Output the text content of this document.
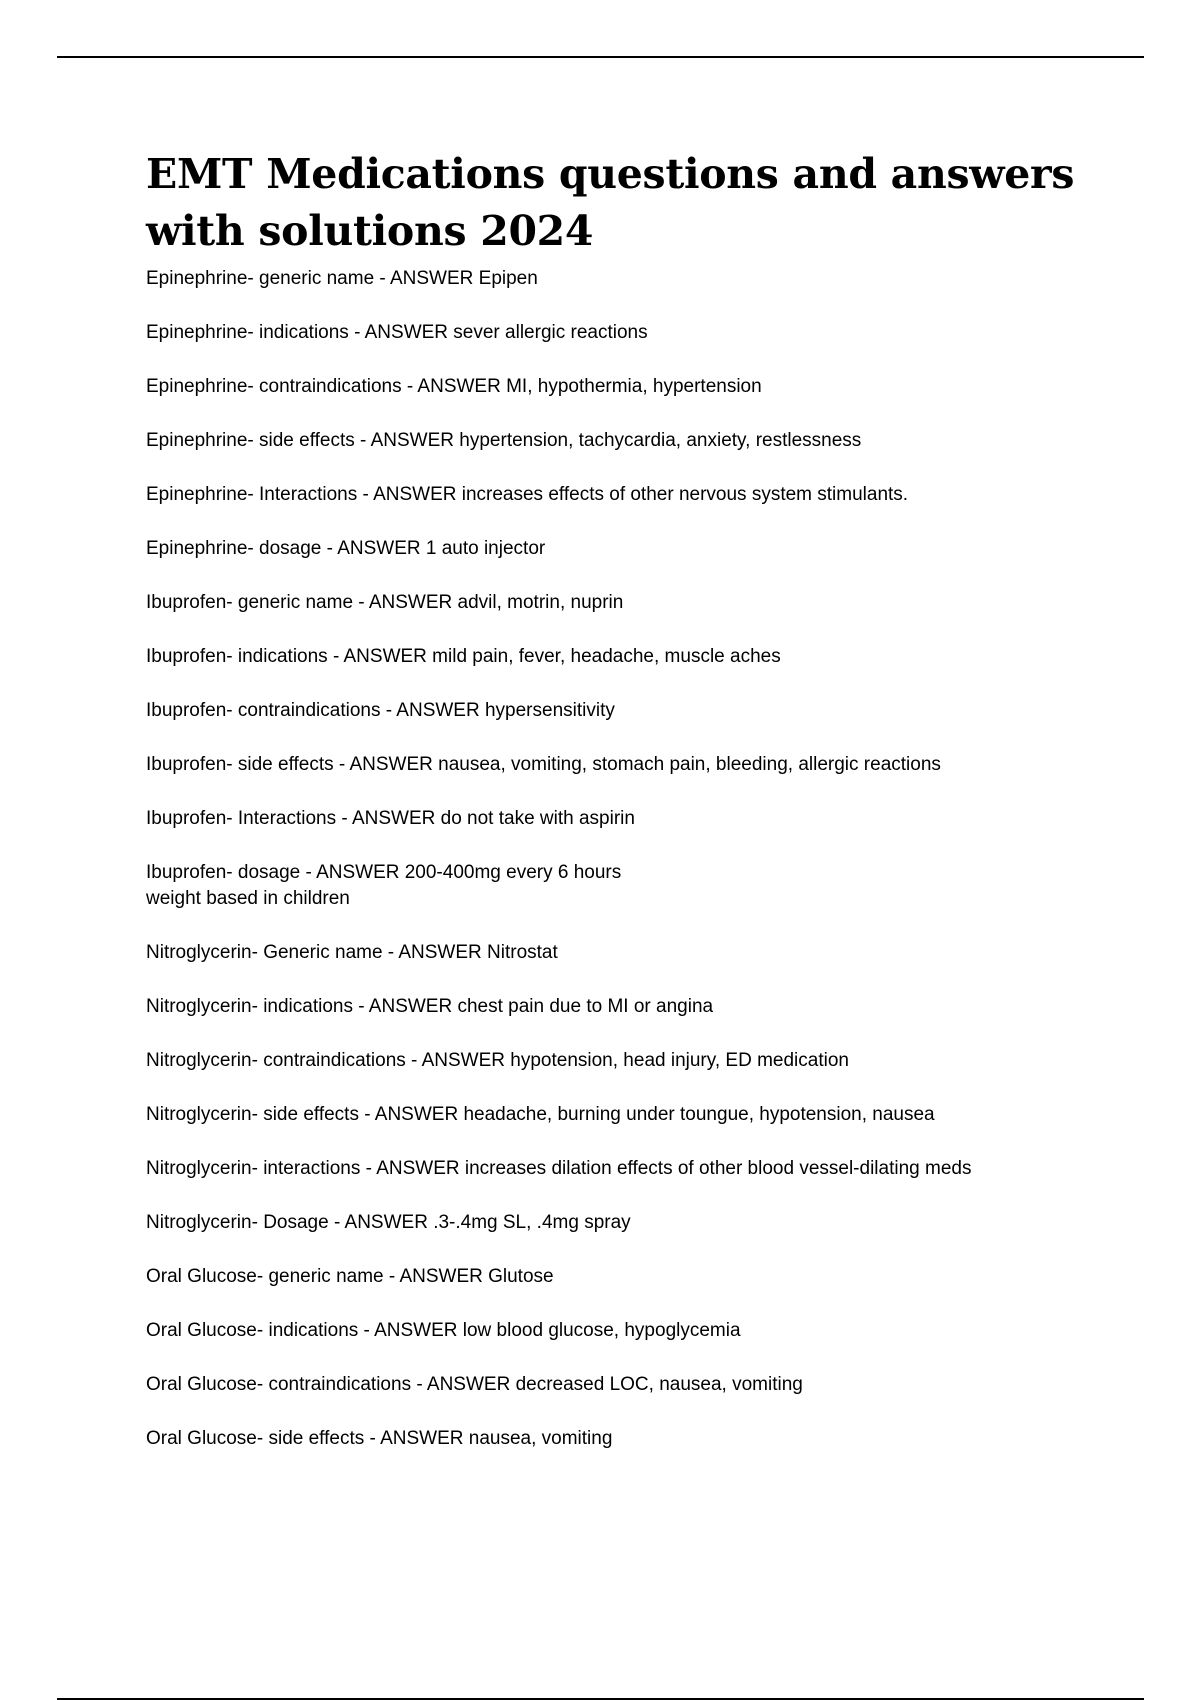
EMT Medications questions and answers with solutions 2024
Epinephrine- generic name - ANSWER Epipen
Epinephrine- indications - ANSWER sever allergic reactions
Epinephrine- contraindications - ANSWER MI, hypothermia, hypertension
Epinephrine- side effects - ANSWER hypertension, tachycardia, anxiety, restlessness
Epinephrine- Interactions - ANSWER increases effects of other nervous system stimulants.
Epinephrine- dosage - ANSWER 1 auto injector
Ibuprofen- generic name - ANSWER advil, motrin, nuprin
Ibuprofen- indications - ANSWER mild pain, fever, headache, muscle aches
Ibuprofen- contraindications - ANSWER hypersensitivity
Ibuprofen- side effects - ANSWER nausea, vomiting, stomach pain, bleeding, allergic reactions
Ibuprofen- Interactions - ANSWER do not take with aspirin
Ibuprofen- dosage - ANSWER 200-400mg every 6 hours
weight based in children
Nitroglycerin- Generic name - ANSWER Nitrostat
Nitroglycerin- indications - ANSWER chest pain due to MI or angina
Nitroglycerin- contraindications - ANSWER hypotension, head injury, ED medication
Nitroglycerin- side effects - ANSWER headache, burning under toungue, hypotension, nausea
Nitroglycerin- interactions - ANSWER increases dilation effects of other blood vessel-dilating meds
Nitroglycerin- Dosage - ANSWER .3-.4mg SL, .4mg spray
Oral Glucose- generic name - ANSWER Glutose
Oral Glucose- indications - ANSWER low blood glucose, hypoglycemia
Oral Glucose- contraindications - ANSWER decreased LOC, nausea, vomiting
Oral Glucose- side effects - ANSWER nausea, vomiting
